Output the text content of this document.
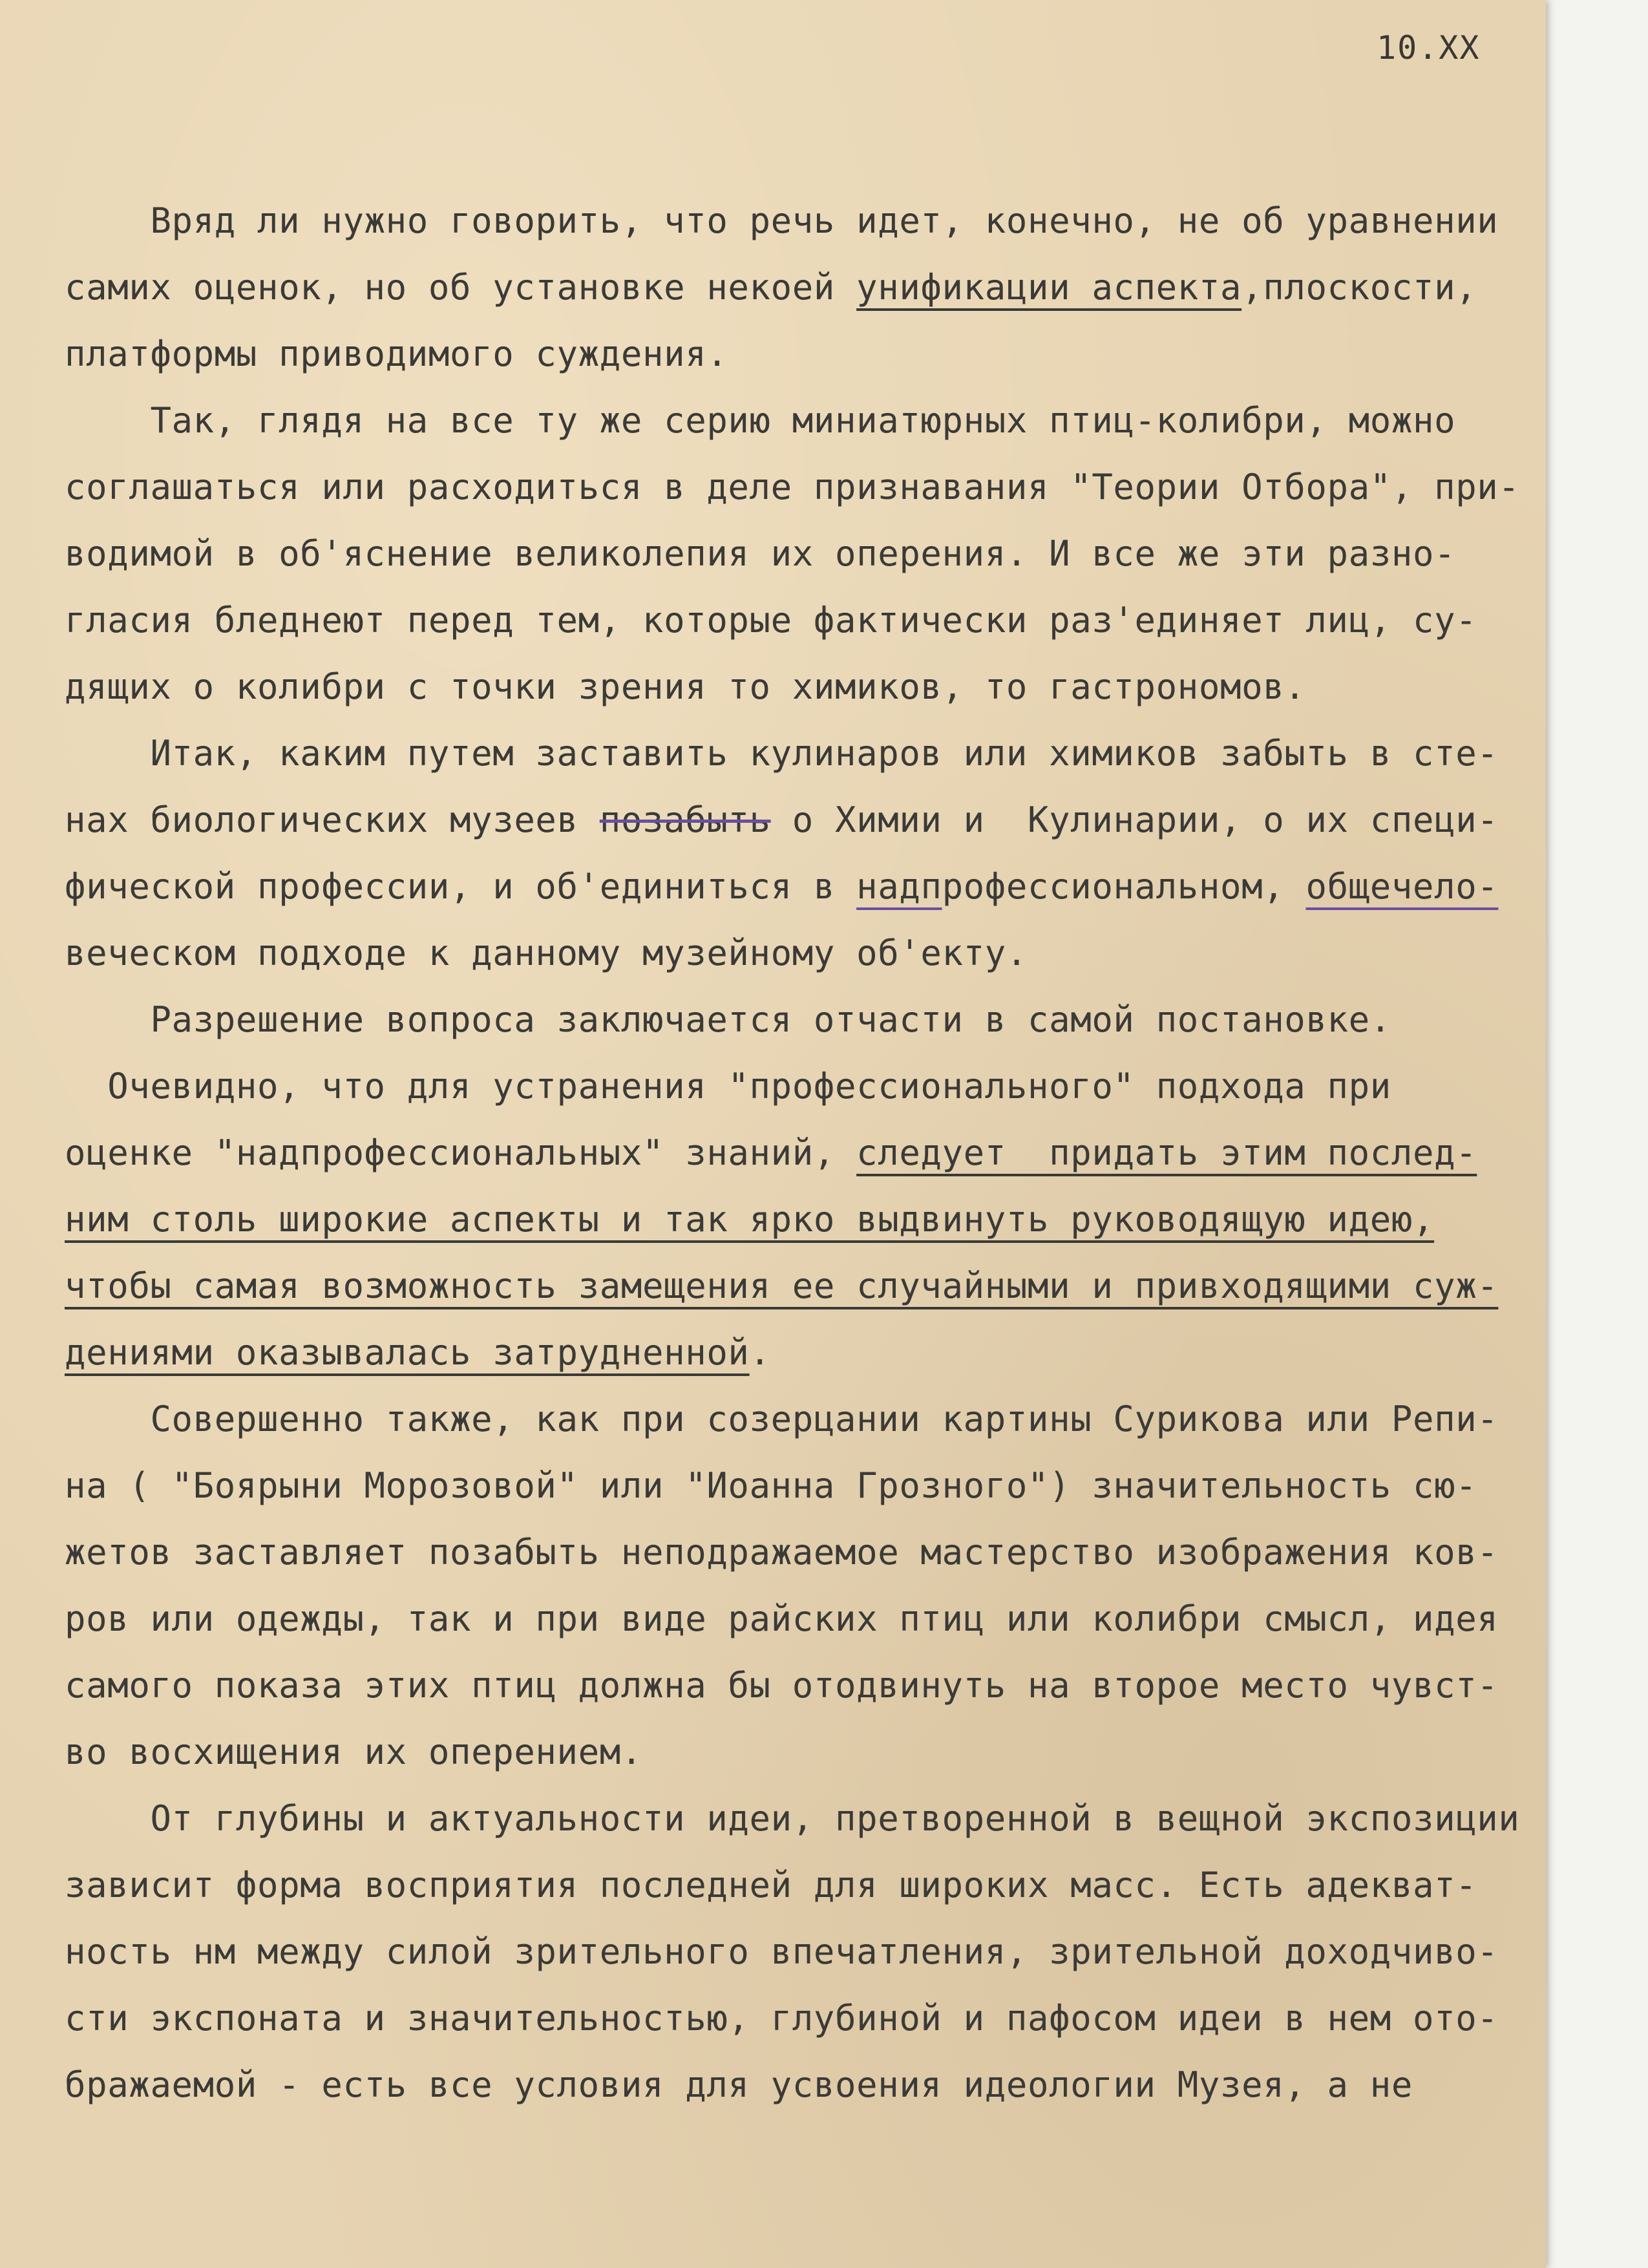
10.XX
Вряд ли нужно говорить, что речь идет, конечно, не об уравнении
самих оценок, но об установке некоей унификации аспекта,плоскости,
платформы приводимого суждения.
Так, глядя на все ту же серию миниатюрных птиц-колибри, можно
соглашаться или расходиться в деле признавания "Теории Отбора", при-
водимой в об'яснение великолепия их оперения. И все же эти разно-
гласия бледнеют перед тем, которые фактически раз'единяет лиц, су-
дящих о колибри с точки зрения то химиков, то гастрономов.
Итак, каким путем заставить кулинаров или химиков забыть в сте-
нах биологических музеев позабыть о Химии и  Кулинарии, о их специ-
фической профессии, и об'единиться в надпрофессиональном, общечело-
веческом подходе к данному музейному об'екту.
Разрешение вопроса заключается отчасти в самой постановке.
Очевидно, что для устранения "профессионального" подхода при
оценке "надпрофессиональных" знаний, следует  придать этим послед-
ним столь широкие аспекты и так ярко выдвинуть руководящую идею,
чтобы самая возможность замещения ее случайными и привходящими суж-
дениями оказывалась затрудненной.
Совершенно также, как при созерцании картины Сурикова или Репи-
на ( "Боярыни Морозовой" или "Иоанна Грозного") значительность сю-
жетов заставляет позабыть неподражаемое мастерство изображения ков-
ров или одежды, так и при виде райских птиц или колибри смысл, идея
самого показа этих птиц должна бы отодвинуть на второе место чувст-
во восхищения их оперением.
От глубины и актуальности идеи, претворенной в вещной экспозиции
зависит форма восприятия последней для широких масс. Есть адекват-
ность нм между силой зрительного впечатления, зрительной доходчиво-
сти экспоната и значительностью, глубиной и пафосом идеи в нем ото-
бражаемой - есть все условия для усвоения идеологии Музея, а не
